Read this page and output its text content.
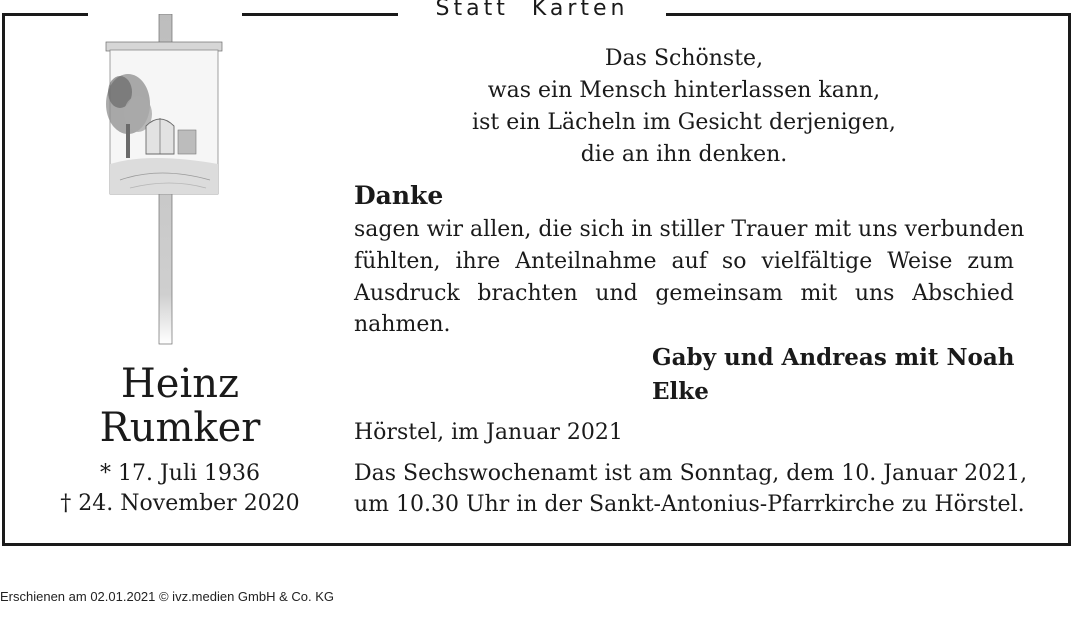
Statt Karten
Heinz
Rumker
* 17. Juli 1936
† 24. November 2020
Das Schönste,
was ein Mensch hinterlassen kann,
ist ein Lächeln im Gesicht derjenigen,
die an ihn denken.
Danke
sagen wir allen, die sich in stiller Trauer mit uns verbunden
fühlten, ihre Anteilnahme auf so vielfältige Weise zum
Ausdruck brachten und gemeinsam mit uns Abschied
nahmen.
Gaby und Andreas mit Noah
Elke
Hörstel, im Januar 2021
Das Sechswochenamt ist am Sonntag, dem 10. Januar 2021,
um 10.30 Uhr in der Sankt-Antonius-Pfarrkirche zu Hörstel.
Erschienen am 02.01.2021 © ivz.medien GmbH & Co. KG
